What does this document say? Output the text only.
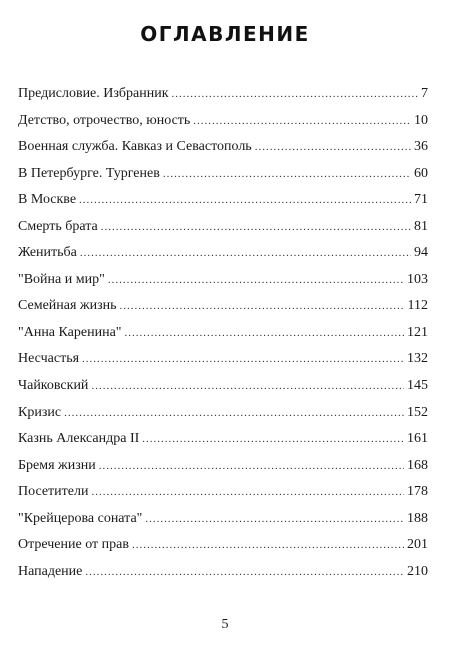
ОГЛАВЛЕНИЕ
Предисловие. Избранник .....	7
Детство, отрочество, юность .....	10
Военная служба. Кавказ и Севастополь .....	36
В Петербурге. Тургенев .....	60
В Москве .....	71
Смерть брата .....	81
Женитьба .....	94
"Война и мир" .....	103
Семейная жизнь .....	112
"Анна Каренина" .....	121
Несчастья .....	132
Чайковский .....	145
Кризис .....	152
Казнь Александра II .....	161
Бремя жизни .....	168
Посетители .....	178
"Крейцерова соната" .....	188
Отречение от прав .....	201
Нападение .....	210
5
